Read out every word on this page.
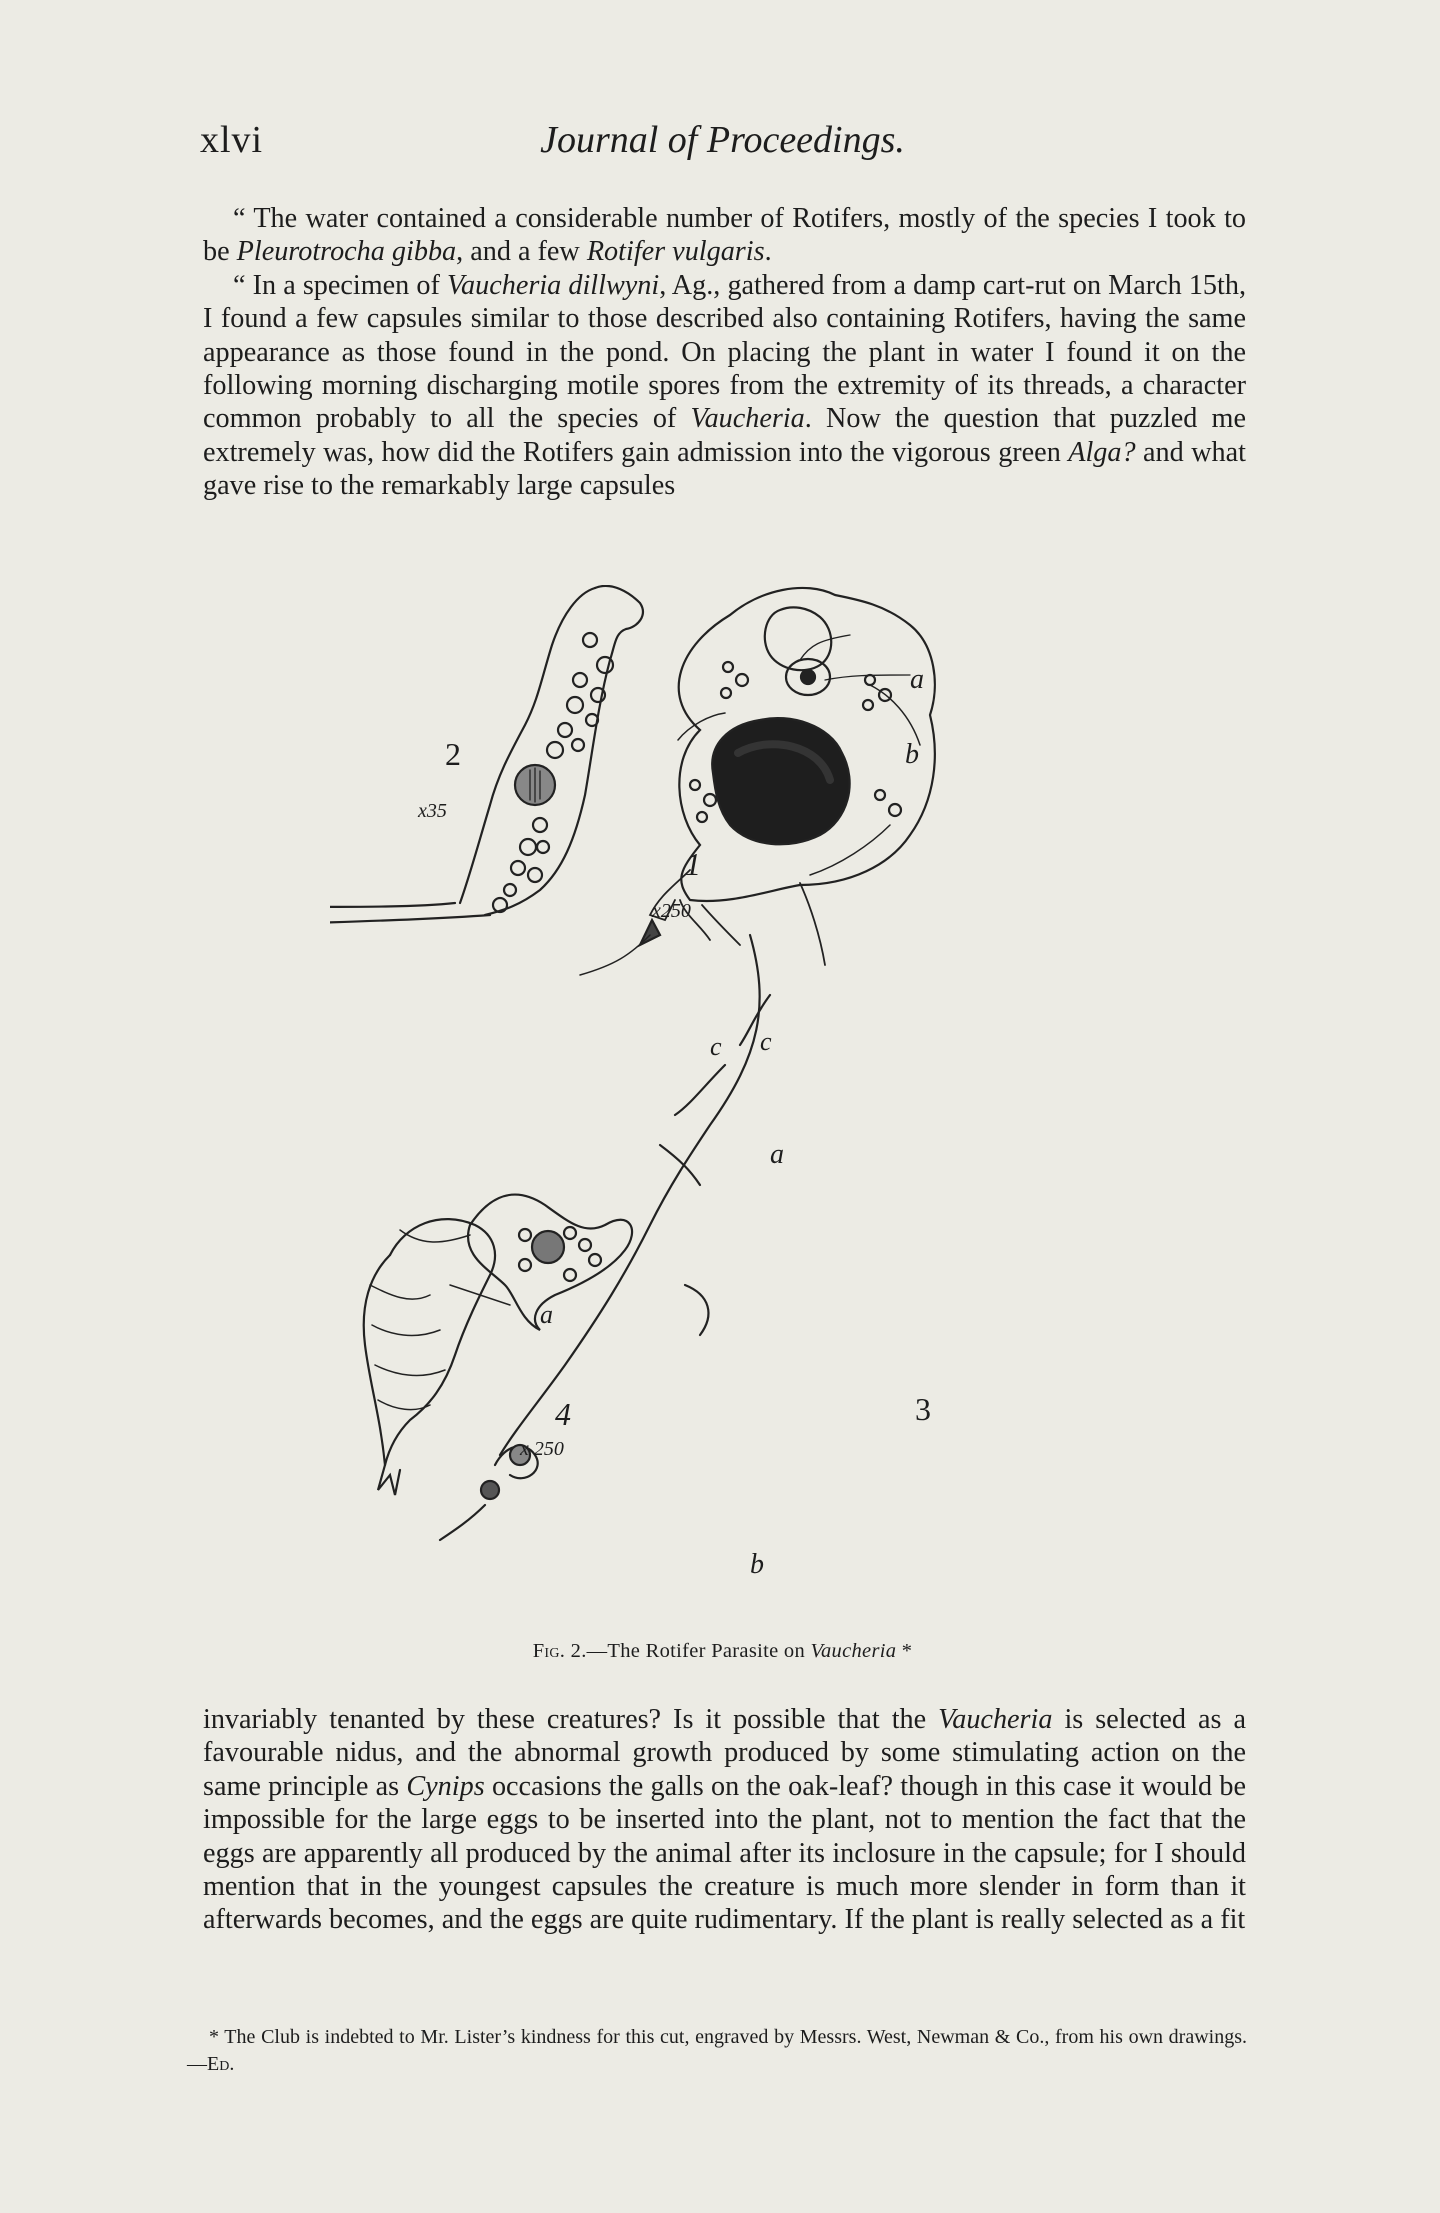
xlvi	Journal of Proceedings.

“ The water contained a considerable number of Rotifers, mostly of the species I took to be Pleurotrocha gibba, and a few Rotifer vulgaris.

“ In a specimen of Vaucheria dillwyni, Ag., gathered from a damp cart-rut on March 15th, I found a few capsules similar to those described also containing Rotifers, having the same appearance as those found in the pond. On placing the plant in water I found it on the following morning discharging motile spores from the extremity of its threads, a character common probably to all the species of Vaucheria. Now the question that puzzled me extremely was, how did the Rotifers gain admission into the vigorous green Alga? and what gave rise to the remarkably large capsules

2
x35
1
x250
a
b
c c
3
a
b
4
x 250
a
Fig. 2.—The Rotifer Parasite on Vaucheria *

invariably tenanted by these creatures? Is it possible that the Vaucheria is selected as a favourable nidus, and the abnormal growth produced by some stimulating action on the same principle as Cynips occasions the galls on the oak-leaf? though in this case it would be impossible for the large eggs to be inserted into the plant, not to mention the fact that the eggs are apparently all produced by the animal after its inclosure in the capsule; for I should mention that in the youngest capsules the creature is much more slender in form than it afterwards becomes, and the eggs are quite rudimentary. If the plant is really selected as a fit

* The Club is indebted to Mr. Lister’s kindness for this cut, engraved by Messrs. West, Newman & Co., from his own drawings.—Ed.
